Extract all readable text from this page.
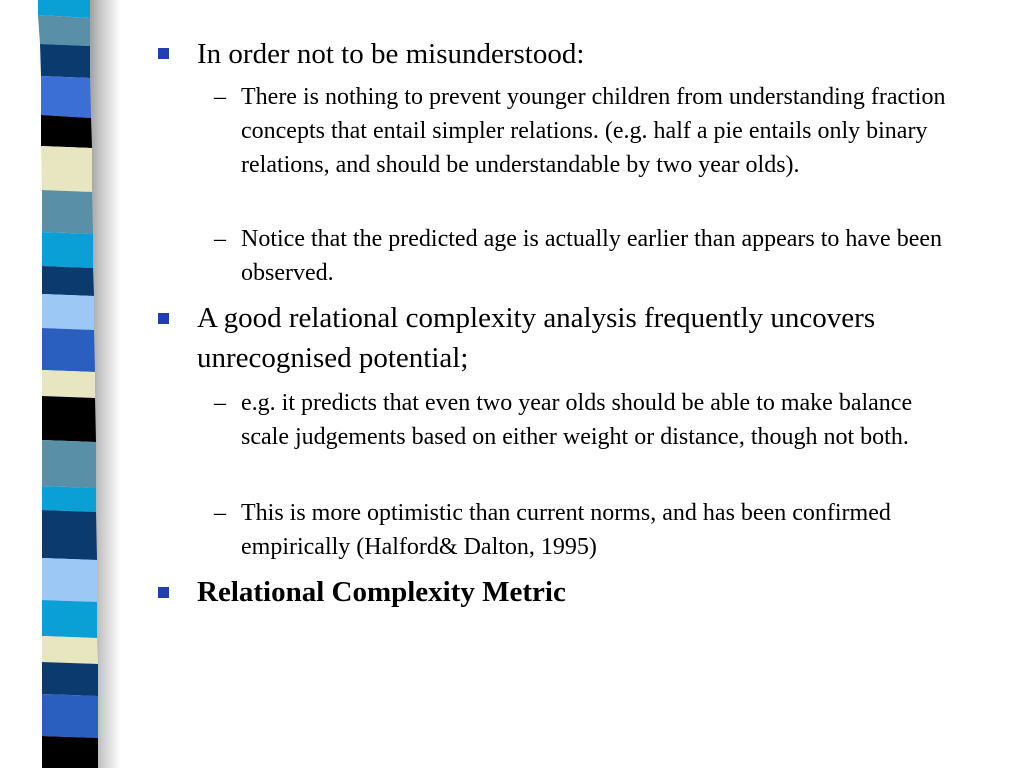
In order not to be misunderstood:
– There is nothing to prevent younger children from understanding fraction concepts that entail simpler relations. (e.g. half a pie entails only binary relations, and should be understandable by two year olds).
– Notice that the predicted age is actually earlier than appears to have been observed.
A good relational complexity analysis frequently uncovers unrecognised potential;
– e.g. it predicts that even two year olds should be able to make balance scale judgements based on either weight or distance, though not both.
– This is more optimistic than current norms, and has been confirmed empirically (Halford& Dalton, 1995)
Relational Complexity Metric
